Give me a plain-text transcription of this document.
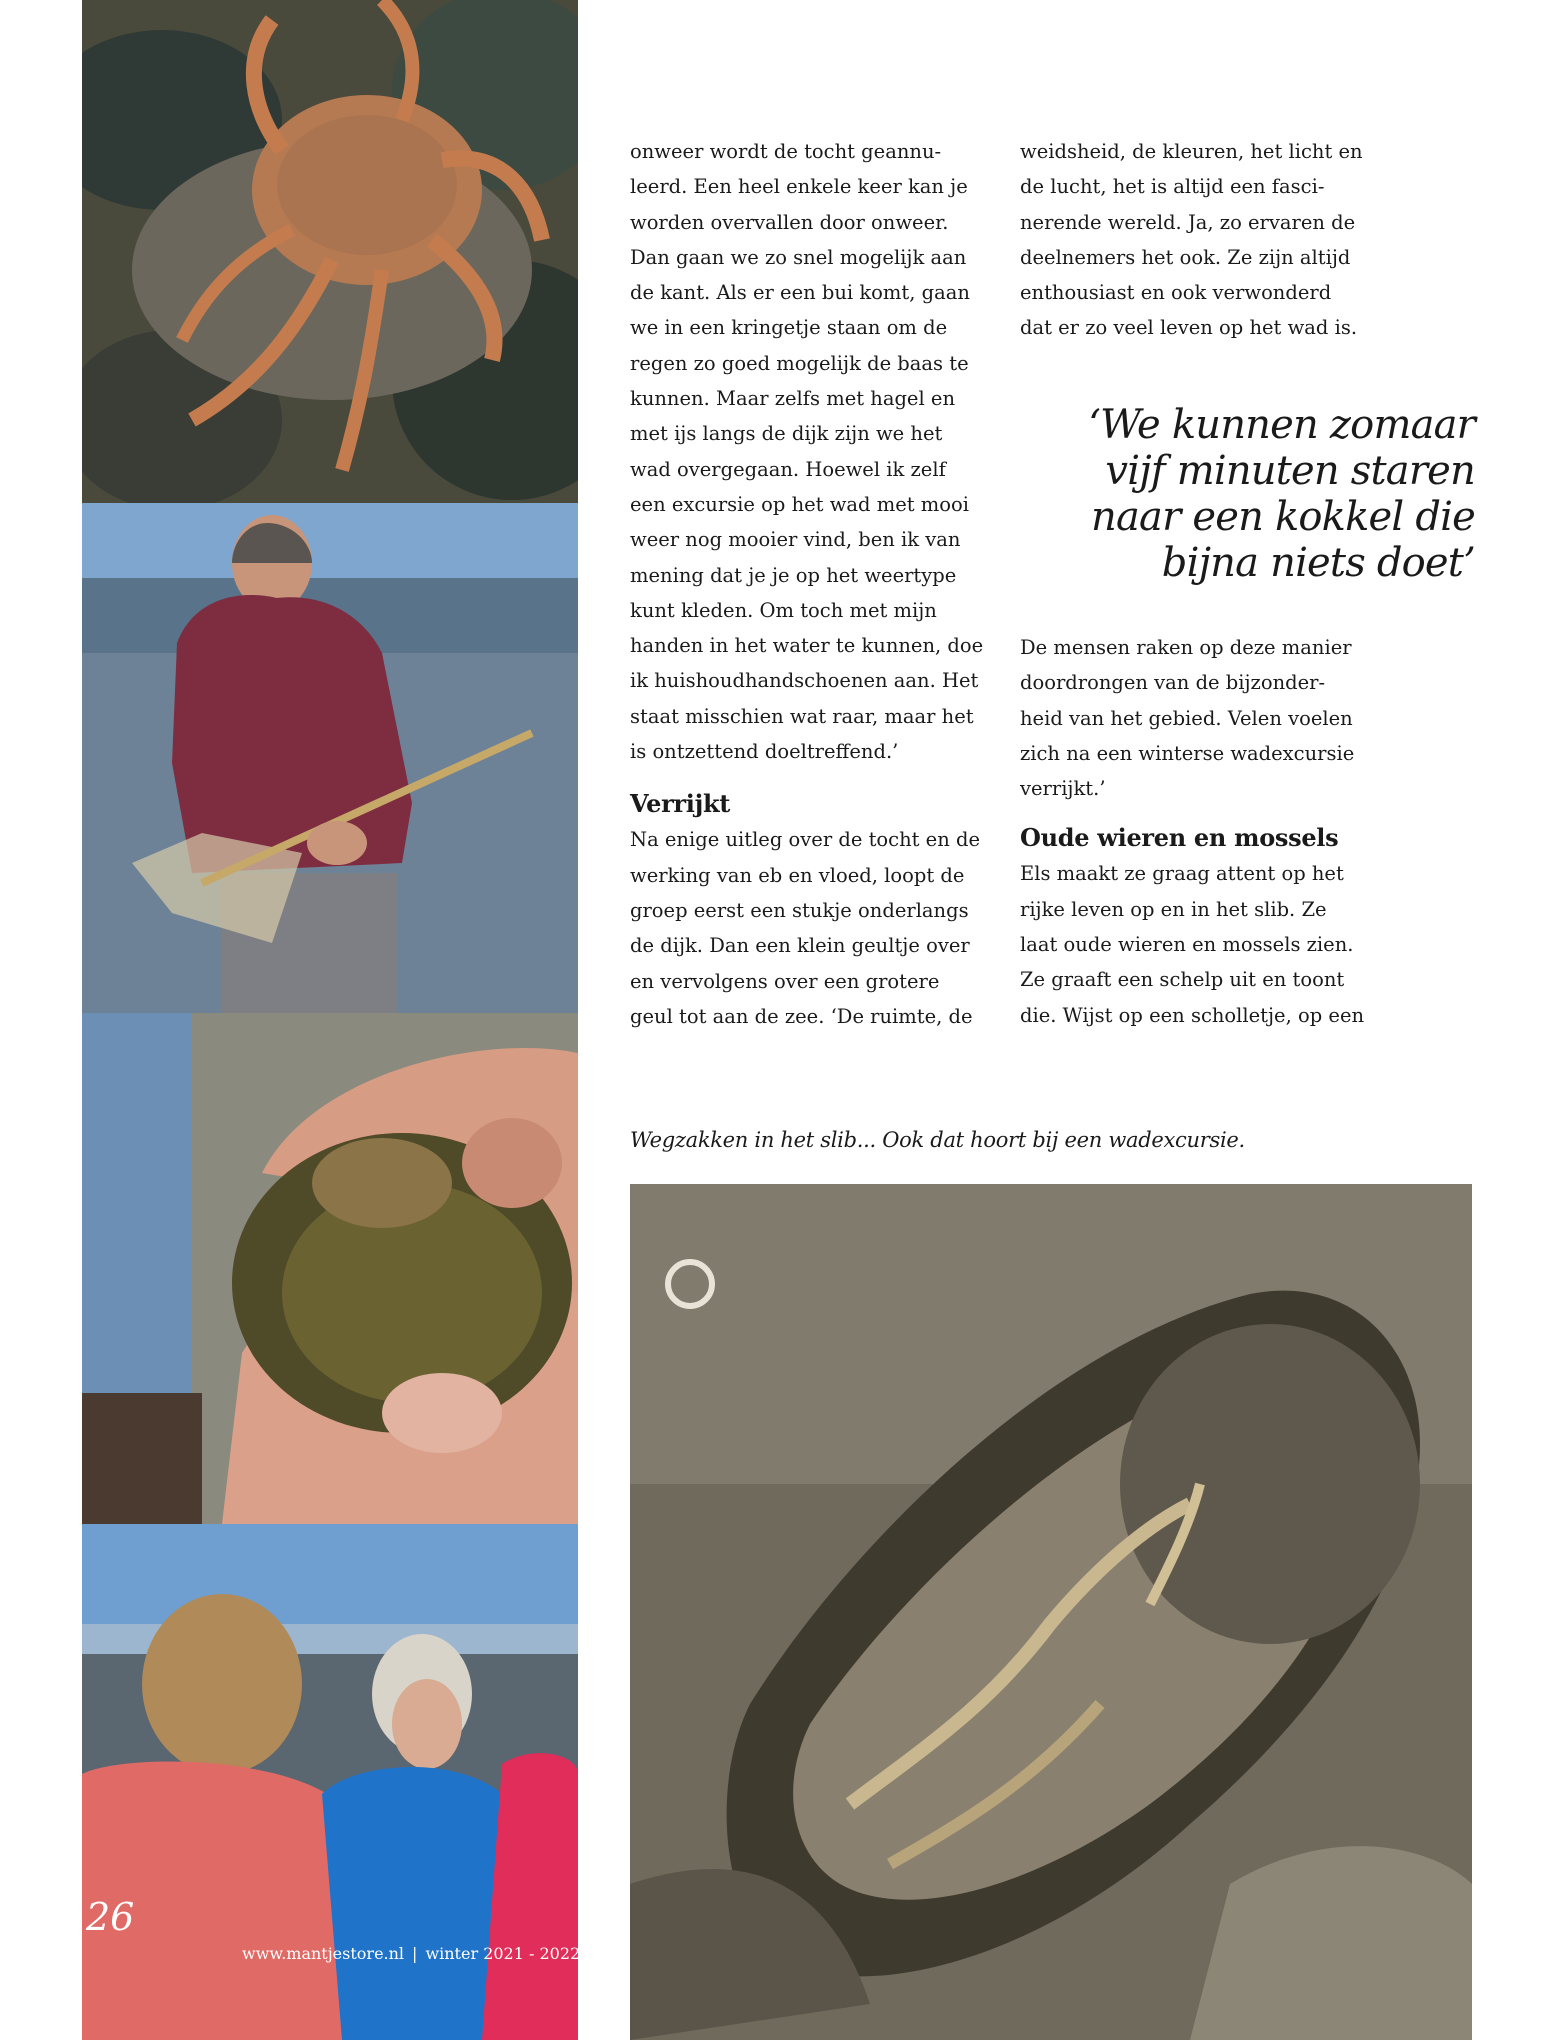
onweer wordt de tocht geannu-
leerd. Een heel enkele keer kan je
worden overvallen door onweer.
Dan gaan we zo snel mogelijk aan
de kant. Als er een bui komt, gaan
we in een kringetje staan om de
regen zo goed mogelijk de baas te
kunnen. Maar zelfs met hagel en
met ijs langs de dijk zijn we het
wad overgegaan. Hoewel ik zelf
een excursie op het wad met mooi
weer nog mooier vind, ben ik van
mening dat je je op het weertype
kunt kleden. Om toch met mijn
handen in het water te kunnen, doe
ik huishoudhandschoenen aan. Het
staat misschien wat raar, maar het
is ontzettend doeltreffend.’

Verrijkt

Na enige uitleg over de tocht en de
werking van eb en vloed, loopt de
groep eerst een stukje onderlangs
de dijk. Dan een klein geultje over
en vervolgens over een grotere
geul tot aan de zee. ‘De ruimte, de

weidsheid, de kleuren, het licht en
de lucht, het is altijd een fasci-
nerende wereld. Ja, zo ervaren de
deelnemers het ook. Ze zijn altijd
enthousiast en ook verwonderd
dat er zo veel leven op het wad is.

‘We kunnen zomaar
vijf minuten staren
naar een kokkel die
bijna niets doet’

De mensen raken op deze manier
doordrongen van de bijzonder-
heid van het gebied. Velen voelen
zich na een winterse wadexcursie
verrijkt.’

Oude wieren en mossels

Els maakt ze graag attent op het
rijke leven op en in het slib. Ze
laat oude wieren en mossels zien.
Ze graaft een schelp uit en toont
die. Wijst op een scholletje, op een

Wegzakken in het slib... Ook dat hoort bij een wadexcursie.
26
www.mantjestore.nl | winter 2021 - 2022
